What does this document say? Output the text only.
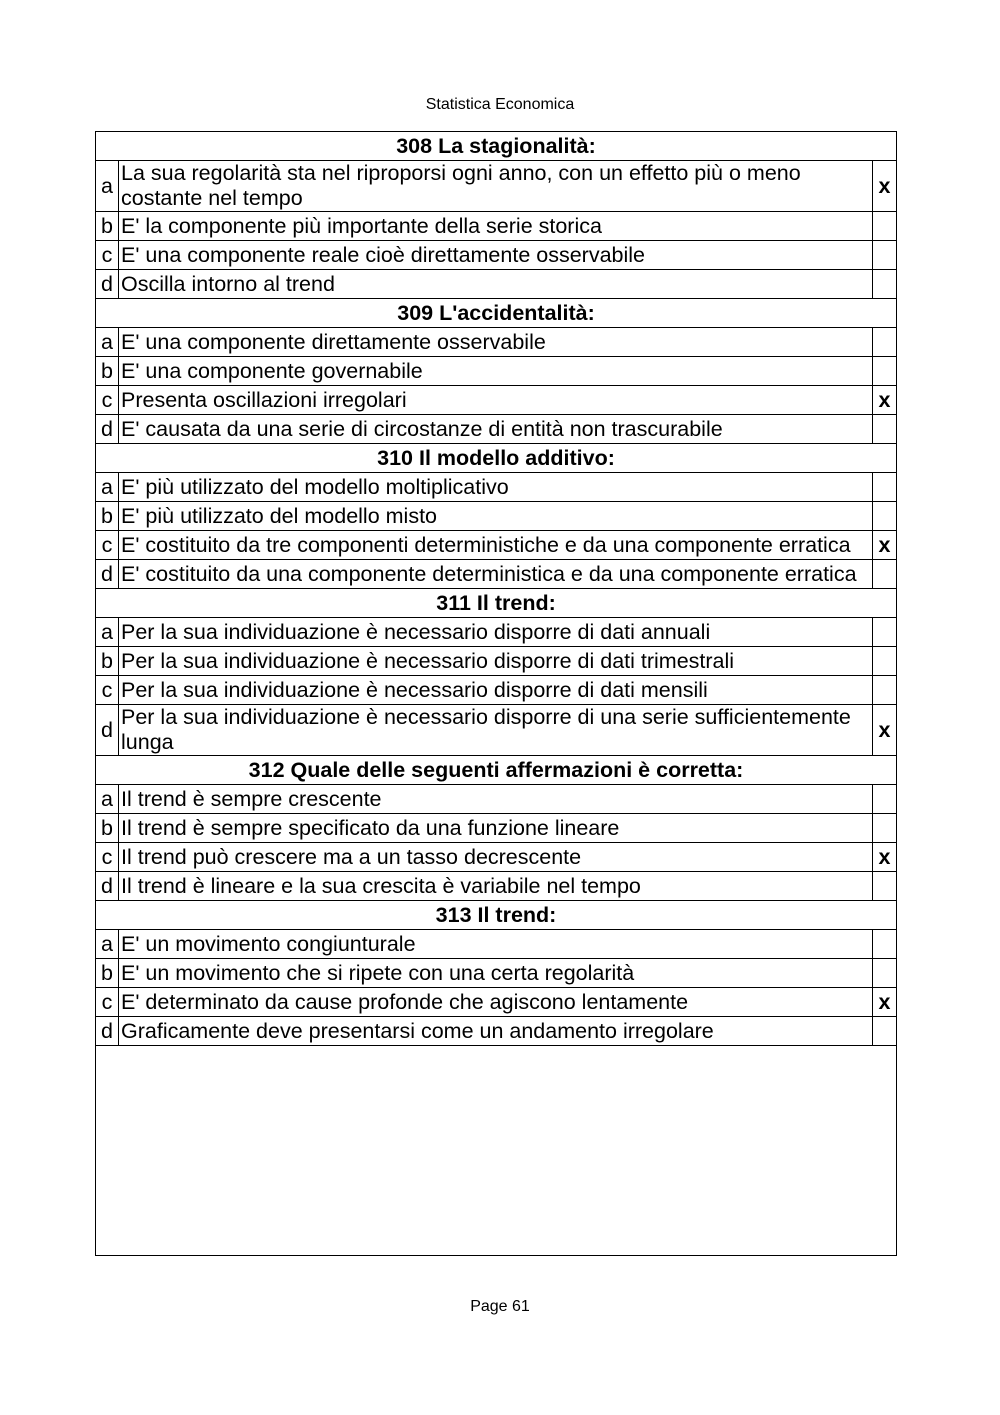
Statistica Economica
308 La stagionalità:		
a	La sua regolarità sta nel riproporsi ogni anno, con un effetto più o meno costante nel tempo	x
b	E' la componente più importante della serie storica	
c	E' una componente reale cioè direttamente osservabile	
d	Oscilla intorno al trend	
309 L'accidentalità:		
a	E' una componente direttamente osservabile	
b	E' una componente governabile	
c	Presenta oscillazioni irregolari	x
d	E' causata da una serie di circostanze di entità non trascurabile	
310 Il modello additivo:		
a	E' più utilizzato del modello moltiplicativo	
b	E' più utilizzato del modello misto	
c	E' costituito da tre componenti deterministiche e da una componente erratica	x
d	E' costituito da una componente deterministica e da una componente erratica	
311 Il trend:		
a	Per la sua individuazione è necessario disporre di dati annuali	
b	Per la sua individuazione è necessario disporre di dati trimestrali	
c	Per la sua individuazione è necessario disporre di dati mensili	
d	Per la sua individuazione è necessario disporre di una serie sufficientemente lunga	x
312 Quale delle seguenti affermazioni è corretta:		
a	Il trend è sempre crescente	
b	Il trend è sempre specificato da una funzione lineare	
c	Il trend può crescere ma a un tasso decrescente	x
d	Il trend è lineare e la sua crescita è variabile nel tempo	
313 Il trend:		
a	E' un movimento congiunturale	
b	E' un movimento che si ripete con una certa regolarità	
c	E' determinato da cause profonde che agiscono lentamente	x
d	Graficamente deve presentarsi come un andamento irregolare	
Page 61
